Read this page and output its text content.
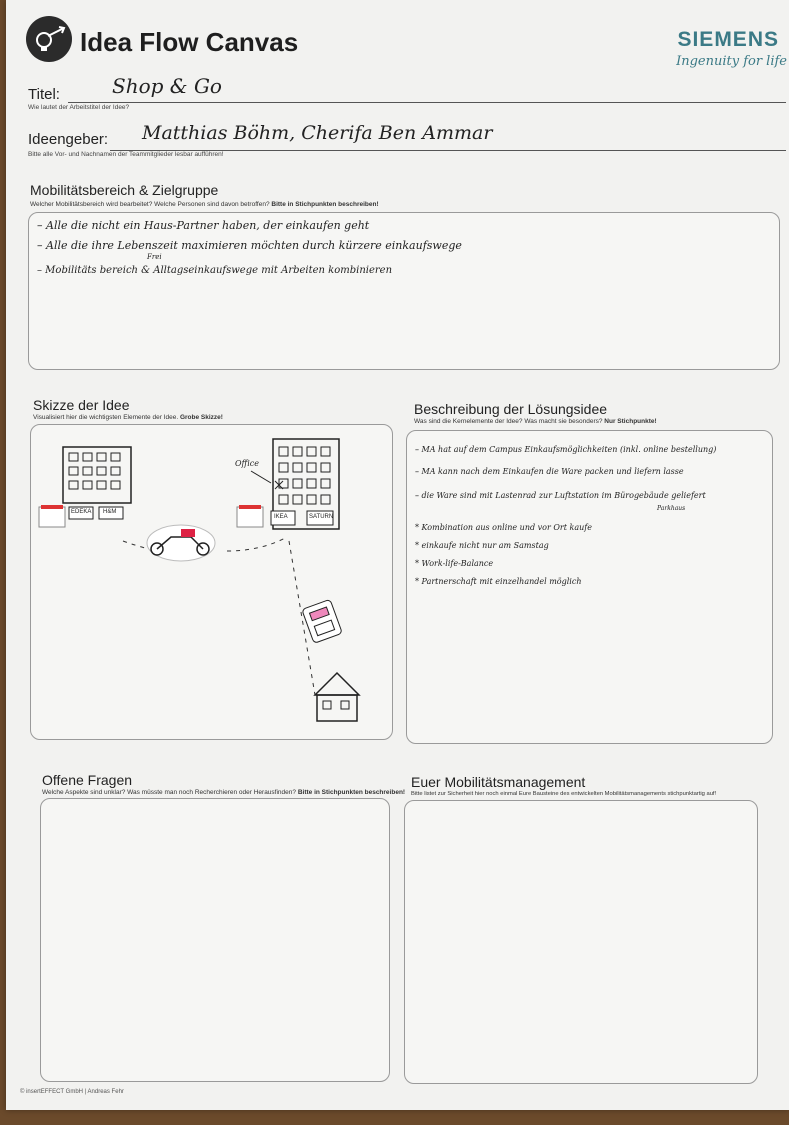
Idea Flow Canvas	SIEMENS
Ingenuity for life
Titel:	Shop & Go
Wie lautet der Arbeitstitel der Idee?
Ideengeber: Matthias Böhm, Cherifa Ben Ammar
Bitte alle Vor- und Nachnamen der Teammitglieder lesbar aufführen!
Mobilitätsbereich & Zielgruppe
Welcher Mobilitätsbereich wird bearbeitet? Welche Personen sind davon betroffen? Bitte in Stichpunkten beschreiben!
– Alle die nicht ein Haus-Partner haben, der einkaufen geht
– Alle die ihre Lebenszeit maximieren möchten durch kürzere einkaufswege
Frei
– Mobilitäts bereich & Alltagseinkaufswege mit Arbeiten kombinieren
Skizze der Idee
Visualisiert hier die wichtigsten Elemente der Idee. Grobe Skizze!
Office
EDEKA H&M
IKEA	SATURN
Beschreibung der Lösungsidee
Was sind die Kernelemente der Idee? Was macht sie besonders? Nur Stichpunkte!
– MA hat auf dem Campus Einkaufsmöglichkeiten (inkl. online bestellung)
– MA kann nach dem Einkaufen die Ware packen und liefern lasse
– die Ware sind mit Lastenrad zur Luftstation im Bürogebäude geliefert
Parkhaus
* Kombination aus online und vor Ort kaufe
* einkaufe nicht nur am Samstag
* Work-life-Balance
* Partnerschaft mit einzelhandel möglich
Offene Fragen
Welche Aspekte sind unklar? Was müsste man noch Recherchieren oder Herausfinden? Bitte in Stichpunkten beschreiben!
Euer Mobilitätsmanagement
Bitte listet zur Sicherheit hier noch einmal Eure Bausteine des entwickelten Mobilitätsmanagements stichpunktartig auf!
© insertEFFECT GmbH | Andreas Fehr
